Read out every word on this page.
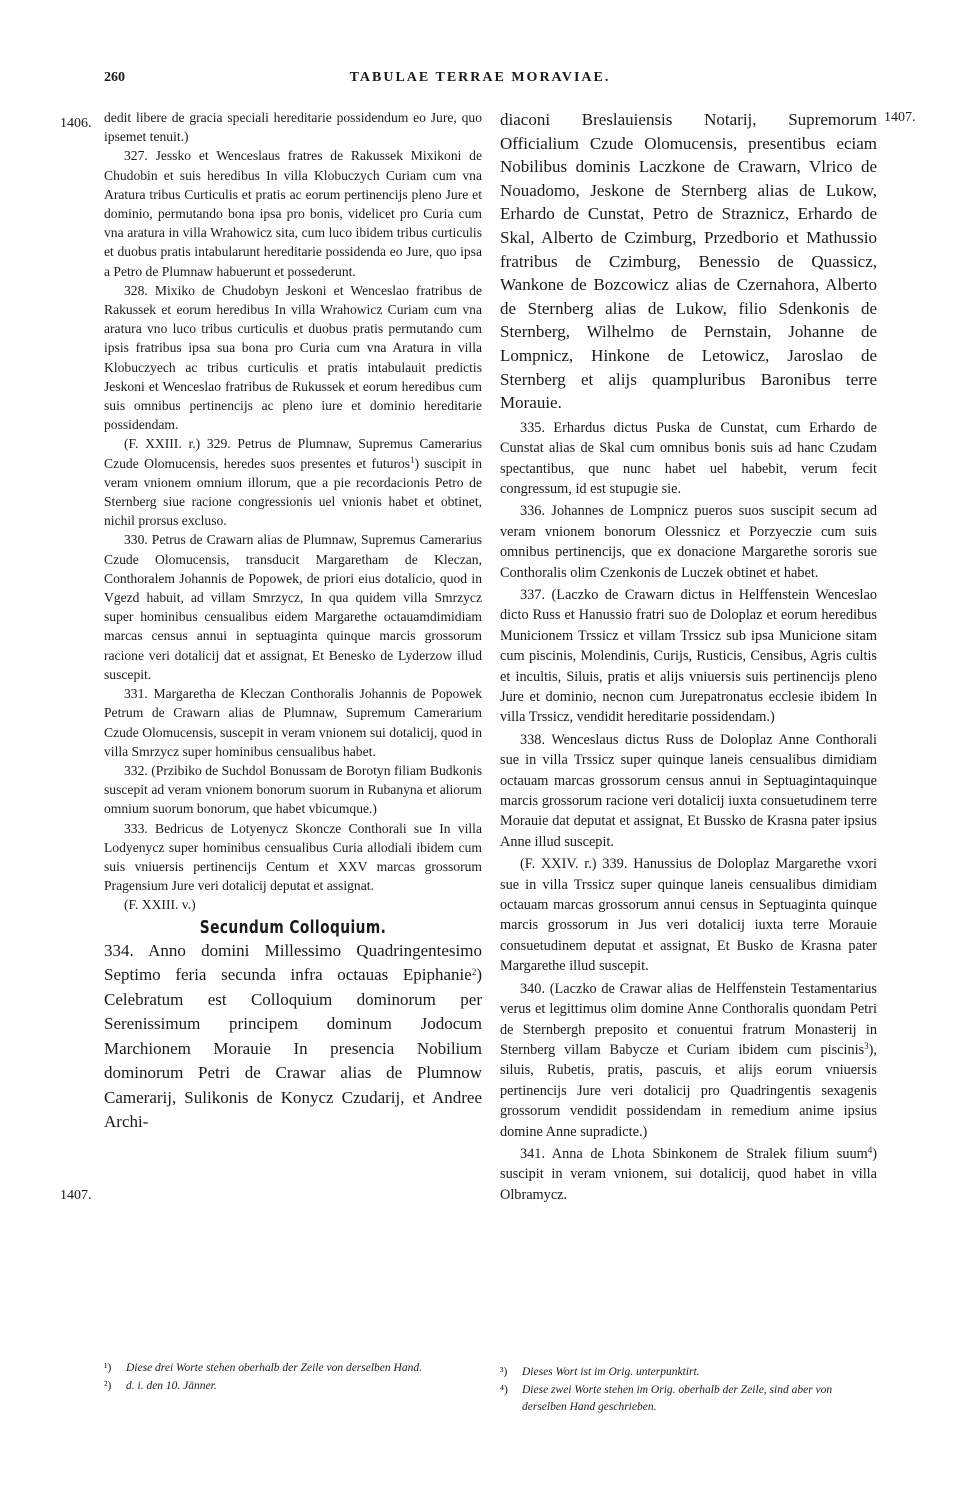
260	TABULAE TERRAE MORAVIAE.
1406.	1407.
1407.

dedit libere de gracia speciali hereditarie possidendum eo Jure, quo ipsemet tenuit.)

327. Jessko et Wenceslaus fratres de Rakussek Mixikoni de Chudobin et suis heredibus In villa Klobuczych Curiam cum vna Aratura tribus Curticulis et pratis ac eorum pertinencijs pleno Jure et dominio, permutando bona ipsa pro bonis, videlicet pro Curia cum vna aratura in villa Wrahowicz sita, cum luco ibidem tribus curticulis et duobus pratis intabularunt hereditarie possidenda eo Jure, quo ipsa a Petro de Plumnaw habuerunt et possederunt.

328. Mixiko de Chudobyn Jeskoni et Wenceslao fratribus de Rakussek et eorum heredibus In villa Wrahowicz Curiam cum vna aratura vno luco tribus curticulis et duobus pratis permutando cum ipsis fratribus ipsa sua bona pro Curia cum vna Aratura in villa Klobuczyech ac tribus curticulis et pratis intabulauit predictis Jeskoni et Wenceslao fratribus de Rukussek et eorum heredibus cum suis omnibus pertinencijs ac pleno iure et dominio hereditarie possidendam.

(F. XXIII. r.) 329. Petrus de Plumnaw, Supremus Camerarius Czude Olomucensis, heredes suos presentes et futuros$^1$) suscipit in veram vnionem omnium illorum, que a pie recordacionis Petro de Sternberg siue racione congressionis uel vnionis habet et obtinet, nichil prorsus excluso.

330. Petrus de Crawarn alias de Plumnaw, Supremus Camerarius Czude Olomucensis, transducit Margaretham de Kleczan, Conthoralem Johannis de Popowek, de priori eius dotalicio, quod in Vgezd habuit, ad villam Smrzycz, In qua quidem villa Smrzycz super hominibus censualibus eidem Margarethe octauamdimidiam marcas census annui in septuaginta quinque marcis grossorum racione veri dotalicij dat et assignat, Et Benesko de Lyderzow illud suscepit.

331. Margaretha de Kleczan Conthoralis Johannis de Popowek Petrum de Crawarn alias de Plumnaw, Supremum Camerarium Czude Olomucensis, suscepit in veram vnionem sui dotalicij, quod in villa Smrzycz super hominibus censualibus habet.

332. (Przibiko de Suchdol Bonussam de Borotyn filiam Budkonis suscepit ad veram vnionem bonorum suorum in Rubanyna et aliorum omnium suorum bonorum, que habet vbicumque.)

333. Bedricus de Lotyenycz Skoncze Conthorali sue In villa Lodyenycz super hominibus censualibus Curia allodiali ibidem cum suis vniuersis pertinencijs Centum et XXV marcas grossorum Pragensium Jure veri dotalicij deputat et assignat.

(F. XXIII. v.)

Secundum Colloquium.

334. Anno domini Millessimo Quadringentesimo Septimo feria secunda infra octauas Epiphanie$^2$) Celebratum est Colloquium dominorum per Serenissimum principem dominum Jodocum Marchionem Morauie In presencia Nobilium dominorum Petri de Crawar alias de Plumnow Camerarij, Sulikonis de Konycz Czudarij, et Andree Archi-

diaconi Breslauiensis Notarij, Supremorum Officialium Czude Olomucensis, presentibus eciam Nobilibus dominis Laczkone de Crawarn, Vlrico de Nouadomo, Jeskone de Sternberg alias de Lukow, Erhardo de Cunstat, Petro de Straznicz, Erhardo de Skal, Alberto de Czimburg, Przedborio et Mathussio fratribus de Czimburg, Benessio de Quassicz, Wankone de Bozcowicz alias de Czernahora, Alberto de Sternberg alias de Lukow, filio Sdenkonis de Sternberg, Wilhelmo de Pernstain, Johanne de Lompnicz, Hinkone de Letowicz, Jaroslao de Sternberg et alijs quampluribus Baronibus terre Morauie.

335. Erhardus dictus Puska de Cunstat, cum Erhardo de Cunstat alias de Skal cum omnibus bonis suis ad hanc Czudam spectantibus, que nunc habet uel habebit, verum fecit congressum, id est stupugie sie.

336. Johannes de Lompnicz pueros suos suscipit secum ad veram vnionem bonorum Olessnicz et Porzyeczie cum suis omnibus pertinencijs, que ex donacione Margarethe sororis sue Conthoralis olim Czenkonis de Luczek obtinet et habet.

337. (Laczko de Crawarn dictus in Helffenstein Wenceslao dicto Russ et Hanussio fratri suo de Doloplaz et eorum heredibus Municionem Trssicz et villam Trssicz sub ipsa Municione sitam cum piscinis, Molendinis, Curijs, Rusticis, Censibus, Agris cultis et incultis, Siluis, pratis et alijs vniuersis suis pertinencijs pleno Jure et dominio, necnon cum Jurepatronatus ecclesie ibidem In villa Trssicz, vendidit hereditarie possidendam.)

338. Wenceslaus dictus Russ de Doloplaz Anne Conthorali sue in villa Trssicz super quinque laneis censualibus dimidiam octauam marcas grossorum census annui in Septuagintaquinque marcis grossorum racione veri dotalicij iuxta consuetudinem terre Morauie dat deputat et assignat, Et Bussko de Krasna pater ipsius Anne illud suscepit.

(F. XXIV. r.) 339. Hanussius de Doloplaz Margarethe vxori sue in villa Trssicz super quinque laneis censualibus dimidiam octauam marcas grossorum annui census in Septuaginta quinque marcis grossorum in Jus veri dotalicij iuxta terre Morauie consuetudinem deputat et assignat, Et Busko de Krasna pater Margarethe illud suscepit.

340. (Laczko de Crawar alias de Helffenstein Testamentarius verus et legittimus olim domine Anne Conthoralis quondam Petri de Sternbergh preposito et conuentui fratrum Monasterij in Sternberg villam Babycze et Curiam ibidem cum piscinis$^3$), siluis, Rubetis, pratis, pascuis, et alijs eorum vniuersis pertinencijs Jure veri dotalicij pro Quadringentis sexagenis grossorum vendidit possidendam in remedium anime ipsius domine Anne supradicte.)

341. Anna de Lhota Sbinkonem de Stralek filium suum$^4$) suscipit in veram vnionem, sui dotalicij, quod habet in villa Olbramycz.

¹) Diese drei Worte stehen oberhalb der Zeile von derselben Hand.

²) d. i. den 10. Jänner.

³) Dieses Wort ist im Orig. unterpunktirt.

⁴) Diese zwei Worte stehen im Orig. oberhalb der Zeile, sind aber von derselben Hand geschrieben.
